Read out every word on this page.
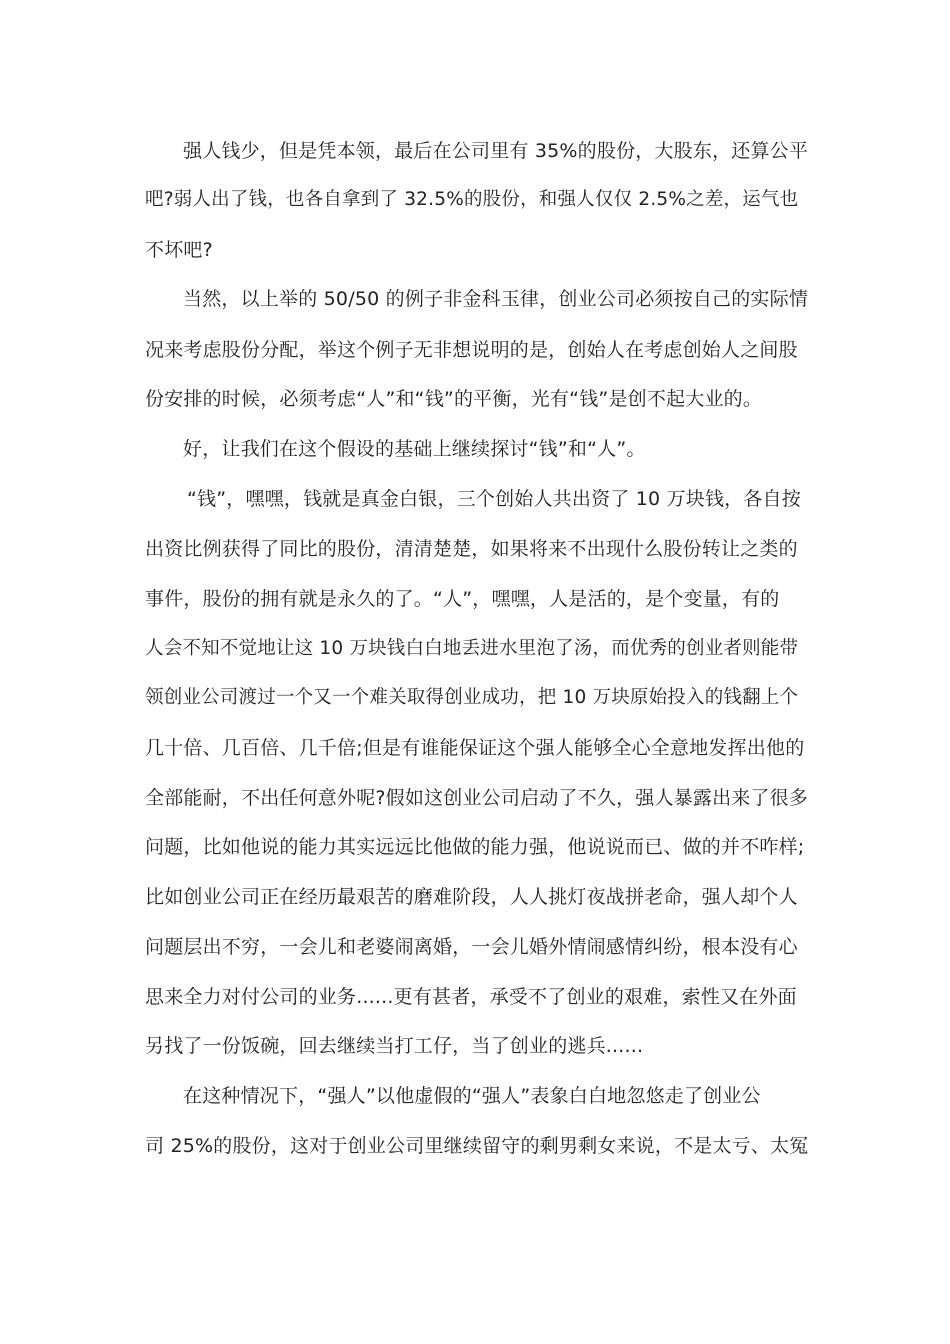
强人钱少，但是凭本领，最后在公司里有 35%的股份，大股东，还算公平
吧?弱人出了钱，也各自拿到了 32.5%的股份，和强人仅仅 2.5%之差，运气也
不坏吧?
当然，以上举的 50/50 的例子非金科玉律，创业公司必须按自己的实际情
况来考虑股份分配，举这个例子无非想说明的是，创始人在考虑创始人之间股
份安排的时候，必须考虑“人”和“钱”的平衡，光有“钱”是创不起大业的。
好，让我们在这个假设的基础上继续探讨“钱”和“人”。
“钱”，嘿嘿，钱就是真金白银，三个创始人共出资了 10 万块钱，各自按
出资比例获得了同比的股份，清清楚楚，如果将来不出现什么股份转让之类的
事件，股份的拥有就是永久的了。“人”，嘿嘿，人是活的，是个变量，有的
人会不知不觉地让这 10 万块钱白白地丢进水里泡了汤，而优秀的创业者则能带
领创业公司渡过一个又一个难关取得创业成功，把 10 万块原始投入的钱翻上个
几十倍、几百倍、几千倍;但是有谁能保证这个强人能够全心全意地发挥出他的
全部能耐，不出任何意外呢?假如这创业公司启动了不久，强人暴露出来了很多
问题，比如他说的能力其实远远比他做的能力强，他说说而已、做的并不咋样;
比如创业公司正在经历最艰苦的磨难阶段，人人挑灯夜战拼老命，强人却个人
问题层出不穷，一会儿和老婆闹离婚，一会儿婚外情闹感情纠纷，根本没有心
思来全力对付公司的业务......更有甚者，承受不了创业的艰难，索性又在外面
另找了一份饭碗，回去继续当打工仔，当了创业的逃兵......
在这种情况下，“强人”以他虚假的“强人”表象白白地忽悠走了创业公
司 25%的股份，这对于创业公司里继续留守的剩男剩女来说，不是太亏、太冤
